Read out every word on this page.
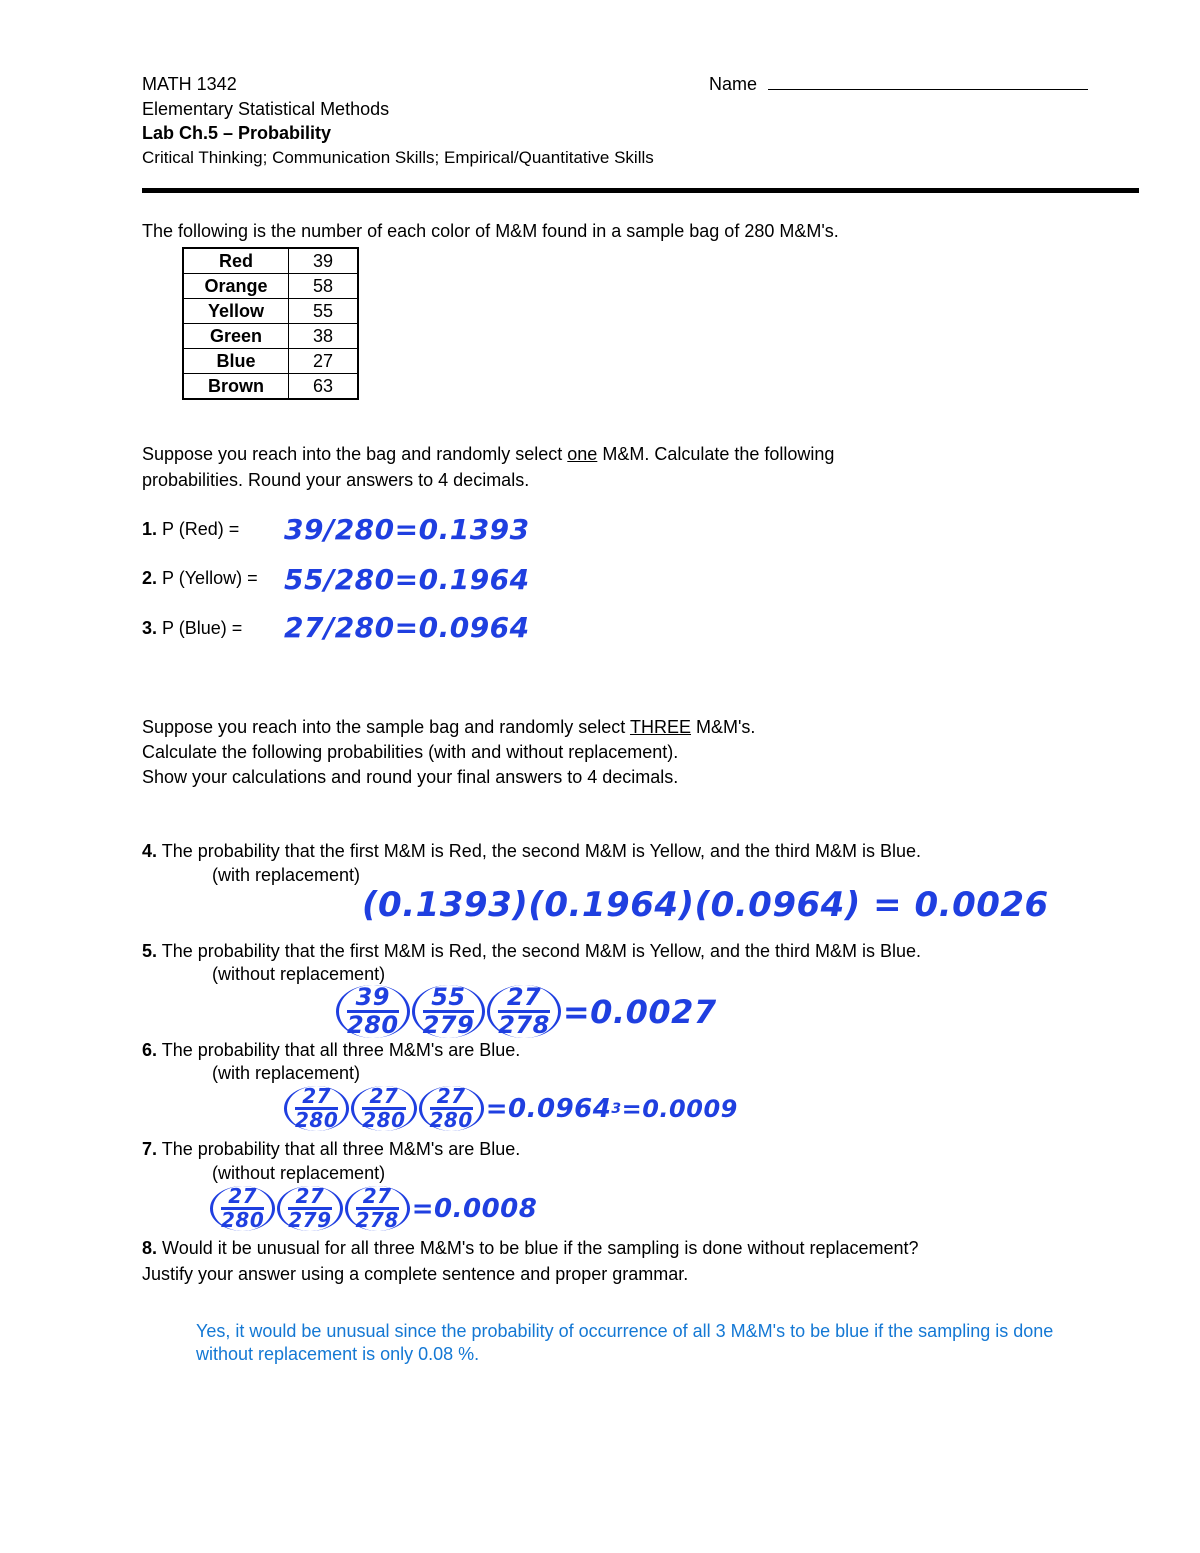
MATH 1342	Name
Elementary Statistical Methods
Lab Ch.5 – Probability
Critical Thinking; Communication Skills; Empirical/Quantitative Skills
The following is the number of each color of M&M found in a sample bag of 280 M&M's.
Red	39
Orange	58
Yellow	55
Green	38
Blue	27
Brown	63
Suppose you reach into the bag and randomly select one M&M. Calculate the following
probabilities. Round your answers to 4 decimals.
1. P (Red) = 39/280=0.1393
2. P (Yellow) = 55/280=0.1964
3. P (Blue) = 27/280=0.0964
Suppose you reach into the sample bag and randomly select THREE M&M's.
Calculate the following probabilities (with and without replacement).
Show your calculations and round your final answers to 4 decimals.
4. The probability that the first M&M is Red, the second M&M is Yellow, and the third M&M is Blue.
(with replacement)
(0.1393)(0.1964)(0.0964) = 0.0026
5. The probability that the first M&M is Red, the second M&M is Yellow, and the third M&M is Blue.
(without replacement)
$\frac{39}{280} \frac{55}{279} \frac{27}{278} =0.0027$
6. The probability that all three M&M's are Blue.
(with replacement)
$\frac{27}{280} \frac{27}{280} \frac{27}{280} =0.0964$ 3 =0.0009
7. The probability that all three M&M's are Blue.
(without replacement)
$\frac{27}{280} \frac{27}{279} \frac{27}{278} =0.0008$
8. Would it be unusual for all three M&M's to be blue if the sampling is done without replacement?
Justify your answer using a complete sentence and proper grammar.
Yes, it would be unusual since the probability of occurrence of all 3 M&M's to be blue if the sampling is done
without replacement is only 0.08 %.
